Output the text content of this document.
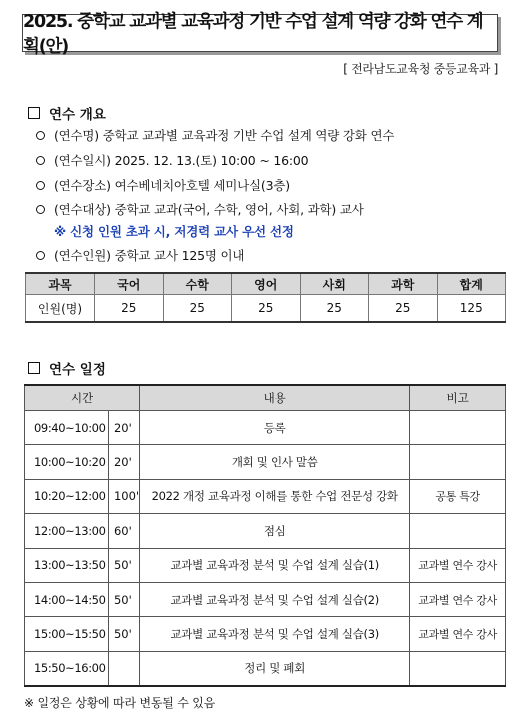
2025. 중학교 교과별 교육과정 기반 수업 설계 역량 강화 연수 계획(안)
[ 전라남도교육청 중등교육과 ]
연수 개요
(연수명)
중학교 교과별 교육과정 기반 수업 설계 역량 강화 연수
(연수일시)
2025. 12. 13.(토) 10:00 ~ 16:00
(연수장소)
여수베네치아호텔 세미나실(3층)
(연수대상)
중학교 교과(국어, 수학, 영어, 사회, 과학) 교사
※ 신청 인원 초과 시, 저경력 교사 우선 선정
(연수인원)
중학교 교사 125명 이내
과목	국어	수학	영어	사회	과학	합계
인원(명)	25	25	25	25	25	125
연수 일정
시간		내용	비고
09:40~10:00	20'	등록	
10:00~10:20	20'	개회 및 인사 말씀	
10:20~12:00	100'	2022 개정 교육과정 이해를 통한 수업 전문성 강화	공통 특강
12:00~13:00	60'	점심	
13:00~13:50	50'	교과별 교육과정 분석 및 수업 설계 실습(1)	교과별 연수 강사
14:00~14:50	50'	교과별 교육과정 분석 및 수업 설계 실습(2)	교과별 연수 강사
15:00~15:50	50'	교과별 교육과정 분석 및 수업 설계 실습(3)	교과별 연수 강사
15:50~16:00		정리 및 폐회	
※ 일정은 상황에 따라 변동될 수 있음
